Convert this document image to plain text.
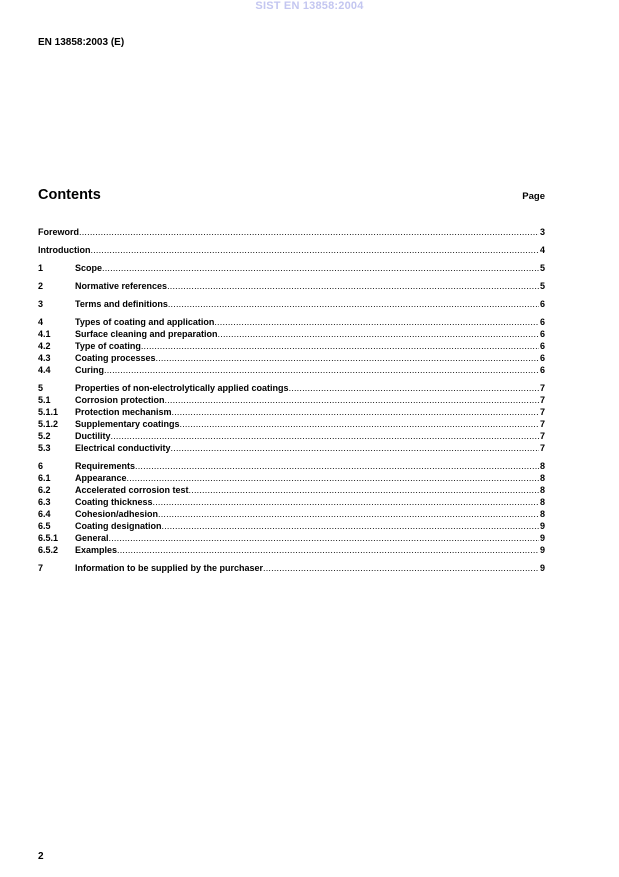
SIST EN 13858:2004
EN 13858:2003 (E)
Contents	Page
Foreword .....	3
Introduction .....	4
1	Scope .....	5
2	Normative references .....	5
3	Terms and definitions .....	6
4	Types of coating and application .....	6
4.1	Surface cleaning and preparation .....	6
4.2	Type of coating .....	6
4.3	Coating processes .....	6
4.4	Curing .....	6
5	Properties of non-electrolytically applied coatings .....	7
5.1	Corrosion protection .....	7
5.1.1	Protection mechanism .....	7
5.1.2	Supplementary coatings .....	7
5.2	Ductility .....	7
5.3	Electrical conductivity .....	7
6	Requirements .....	8
6.1	Appearance .....	8
6.2	Accelerated corrosion test .....	8
6.3	Coating thickness .....	8
6.4	Cohesion/adhesion .....	8
6.5	Coating designation .....	9
6.5.1	General .....	9
6.5.2	Examples .....	9
7	Information to be supplied by the purchaser .....	9
2
